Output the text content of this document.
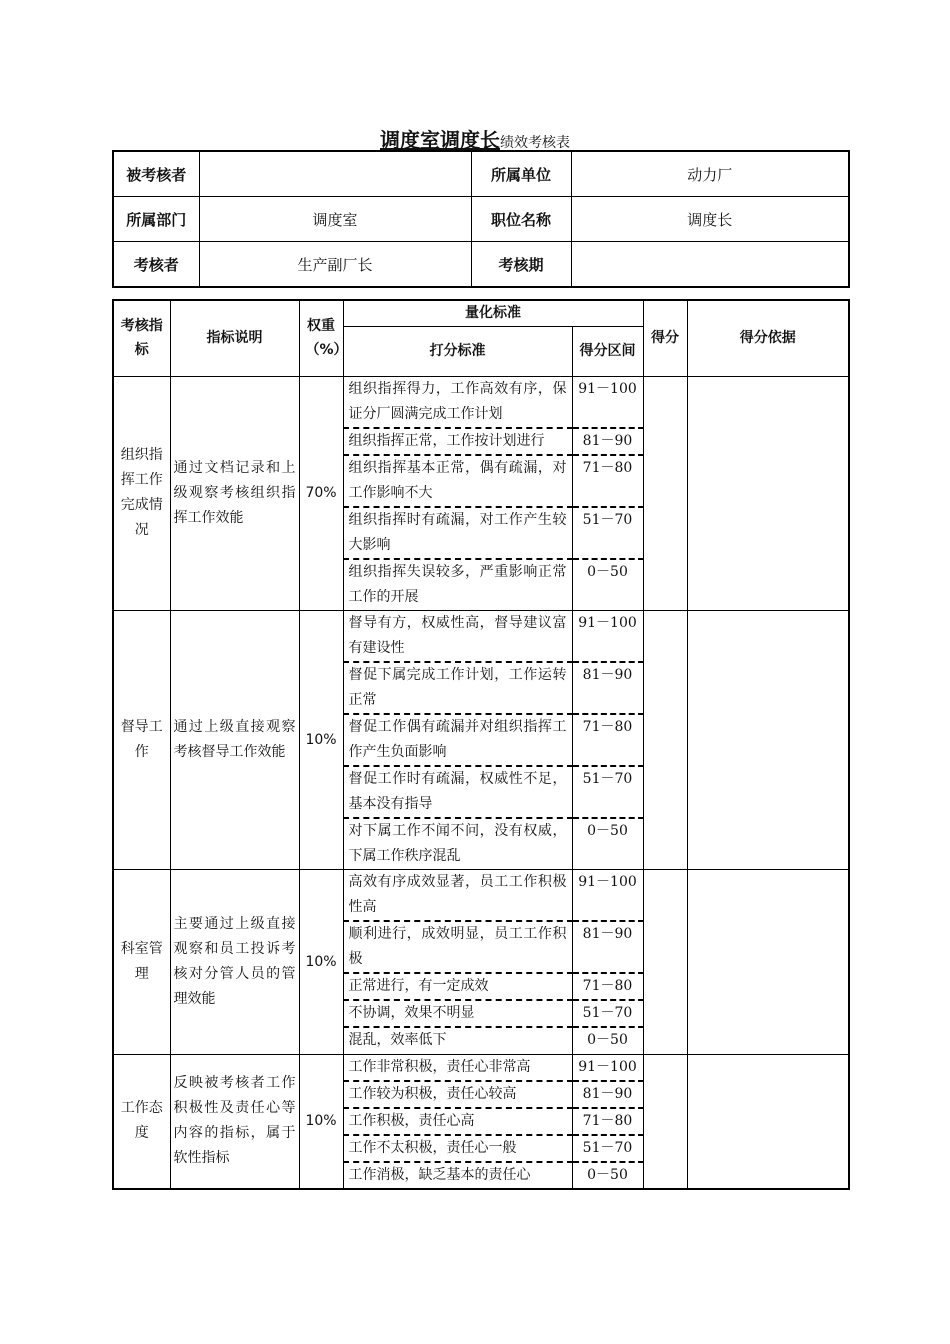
调度室调度长绩效考核表
被考核者		所属单位	动力厂
所属部门	调度室	职位名称	调度长
考核者	生产副厂长	考核期	
考核指标	指标说明	权重（%）	量化标准		得分	得分依据
			打分标准	得分区间		
组织指挥工作完成情况	通过文档记录和上级观察考核组织指挥工作效能	70%	组织指挥得力，工作高效有序，保证分厂圆满完成工作计划	91－100		
			组织指挥正常，工作按计划进行	81－90		
			组织指挥基本正常，偶有疏漏，对工作影响不大	71－80		
			组织指挥时有疏漏，对工作产生较大影响	51－70		
			组织指挥失误较多，严重影响正常工作的开展	0－50		
督导工作	通过上级直接观察考核督导工作效能	10%	督导有方，权威性高，督导建议富有建设性	91－100		
			督促下属完成工作计划，工作运转正常	81－90		
			督促工作偶有疏漏并对组织指挥工作产生负面影响	71－80		
			督促工作时有疏漏，权威性不足，基本没有指导	51－70		
			对下属工作不闻不问，没有权威，下属工作秩序混乱	0－50		
科室管理	主要通过上级直接观察和员工投诉考核对分管人员的管理效能	10%	高效有序成效显著，员工工作积极性高	91－100		
			顺利进行，成效明显，员工工作积极	81－90		
			正常进行，有一定成效	71－80		
			不协调，效果不明显	51－70		
			混乱，效率低下	0－50		
工作态度	反映被考核者工作积极性及责任心等内容的指标，属于软性指标	10%	工作非常积极，责任心非常高	91－100		
			工作较为积极，责任心较高	81－90		
			工作积极，责任心高	71－80		
			工作不太积极，责任心一般	51－70		
			工作消极，缺乏基本的责任心	0－50		
